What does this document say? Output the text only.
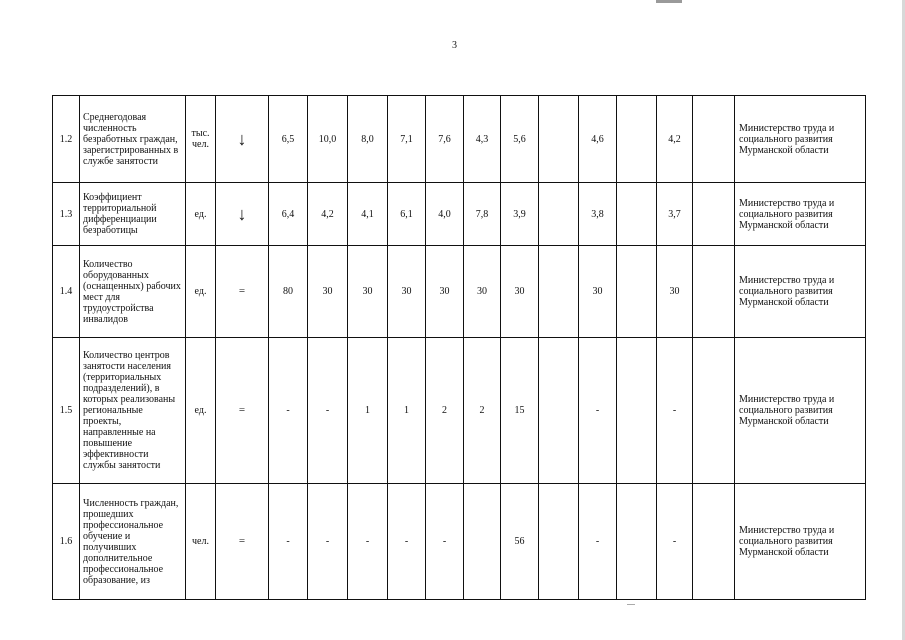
3
1.2	Среднегодовая численность безработных граждан, зарегистрированных в службе занятости	тыс. чел.	↓	6,5	10,0	8,0	7,1	7,6	4,3	5,6		4,6		4,2		Министерство труда и социального развития Мурманской области
1.3	Коэффициент территориальной дифференциации безработицы	ед.	↓	6,4	4,2	4,1	6,1	4,0	7,8	3,9		3,8		3,7		Министерство труда и социального развития Мурманской области
1.4	Количество оборудованных (оснащенных) рабочих мест для трудоустройства инвалидов	ед.	=	80	30	30	30	30	30	30		30		30		Министерство труда и социального развития Мурманской области
1.5	Количество центров занятости населения (территориальных подразделений), в которых реализованы региональные проекты, направленные на повышение эффективности службы занятости	ед.	=	-	-	1	1	2	2	15		-		-		Министерство труда и социального развития Мурманской области
1.6	Численность граждан, прошедших профессиональное обучение и получивших дополнительное профессиональное образование, из	чел.	=	-	-	-	-	-		56		-		-		Министерство труда и социального развития Мурманской области
